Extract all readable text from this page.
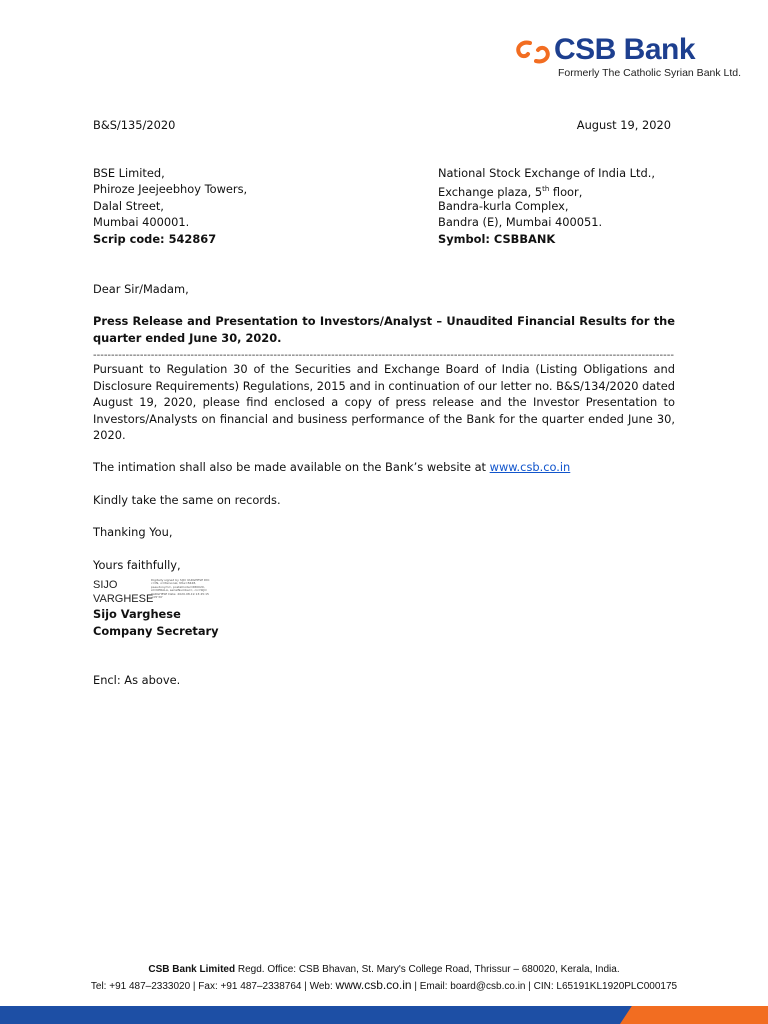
CSB Bank
Formerly The Catholic Syrian Bank Ltd.
B&S/135/2020	August 19, 2020
BSE Limited,
Phiroze Jeejeebhoy Towers,
Dalal Street,
Mumbai 400001.
Scrip code: 542867
National Stock Exchange of India Ltd.,
Exchange plaza, 5th floor,
Bandra-kurla Complex,
Bandra (E), Mumbai 400051.
Symbol: CSBBANK
Dear Sir/Madam,
Press Release and Presentation to Investors/Analyst – Unaudited Financial Results for the quarter ended June 30, 2020.
-----------------------------------------------------------------------------------------------------------------------------------------------------------------
Pursuant to Regulation 30 of the Securities and Exchange Board of India (Listing Obligations and Disclosure Requirements) Regulations, 2015 and in continuation of our letter no. B&S/134/2020 dated August 19, 2020, please find enclosed a copy of press release and the Investor Presentation to Investors/Analysts on financial and business performance of the Bank for the quarter ended June 30, 2020.
The intimation shall also be made available on the Bank’s website at www.csb.co.in
Kindly take the same on records.
Thanking You,
Yours faithfully,
SIJO
VARGHESE
Digitally signed by SIJO VARGHESE DN: c=IN, o=Personal, title=8448, pseudonym=, postalCode=680020, st=KERALA, serialNumber=, cn=SIJO VARGHESE Date: 2020.08.19 13:45:15 +05'30'
Sijo Varghese
Company Secretary
Encl: As above.
CSB Bank Limited Regd. Office: CSB Bhavan, St. Mary's College Road, Thrissur – 680020, Kerala, India.
Tel: +91 487–2333020 | Fax: +91 487–2338764 | Web: www.csb.co.in | Email: board@csb.co.in | CIN: L65191KL1920PLC000175
